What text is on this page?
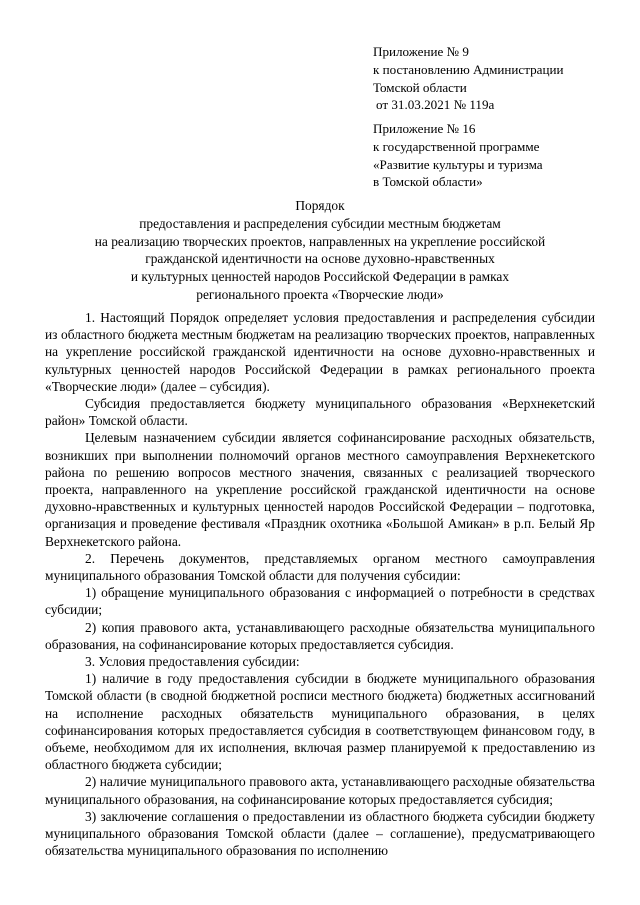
Приложение № 9
к постановлению Администрации
Томской области
от 31.03.2021 № 119а
Приложение № 16
к государственной программе
«Развитие культуры и туризма
в Томской области»
Порядок
предоставления и распределения субсидии местным бюджетам
на реализацию творческих проектов, направленных на укрепление российской
гражданской идентичности на основе духовно-нравственных
и культурных ценностей народов Российской Федерации в рамках
регионального проекта «Творческие люди»

1. Настоящий Порядок определяет условия предоставления и распределения субсидии из областного бюджета местным бюджетам на реализацию творческих проектов, направленных на укрепление российской гражданской идентичности на основе духовно-нравственных и культурных ценностей народов Российской Федерации в рамках регионального проекта «Творческие люди» (далее – субсидия).

Субсидия предоставляется бюджету муниципального образования «Верхнекетский район» Томской области.

Целевым назначением субсидии является софинансирование расходных обязательств, возникших при выполнении полномочий органов местного самоуправления Верхнекетского района по решению вопросов местного значения, связанных с реализацией творческого проекта, направленного на укрепление российской гражданской идентичности на основе духовно-нравственных и культурных ценностей народов Российской Федерации – подготовка, организация и проведение фестиваля «Праздник охотника «Большой Амикан» в р.п. Белый Яр Верхнекетского района.

2. Перечень документов, представляемых органом местного самоуправления муниципального образования Томской области для получения субсидии:

1) обращение муниципального образования с информацией о потребности в средствах субсидии;

2) копия правового акта, устанавливающего расходные обязательства муниципального образования, на софинансирование которых предоставляется субсидия.

3. Условия предоставления субсидии:

1) наличие в году предоставления субсидии в бюджете муниципального образования Томской области (в сводной бюджетной росписи местного бюджета) бюджетных ассигнований на исполнение расходных обязательств муниципального образования, в целях софинансирования которых предоставляется субсидия в соответствующем финансовом году, в объеме, необходимом для их исполнения, включая размер планируемой к предоставлению из областного бюджета субсидии;

2) наличие муниципального правового акта, устанавливающего расходные обязательства муниципального образования, на софинансирование которых предоставляется субсидия;

3) заключение соглашения о предоставлении из областного бюджета субсидии бюджету муниципального образования Томской области (далее – соглашение), предусматривающего обязательства муниципального образования по исполнению
